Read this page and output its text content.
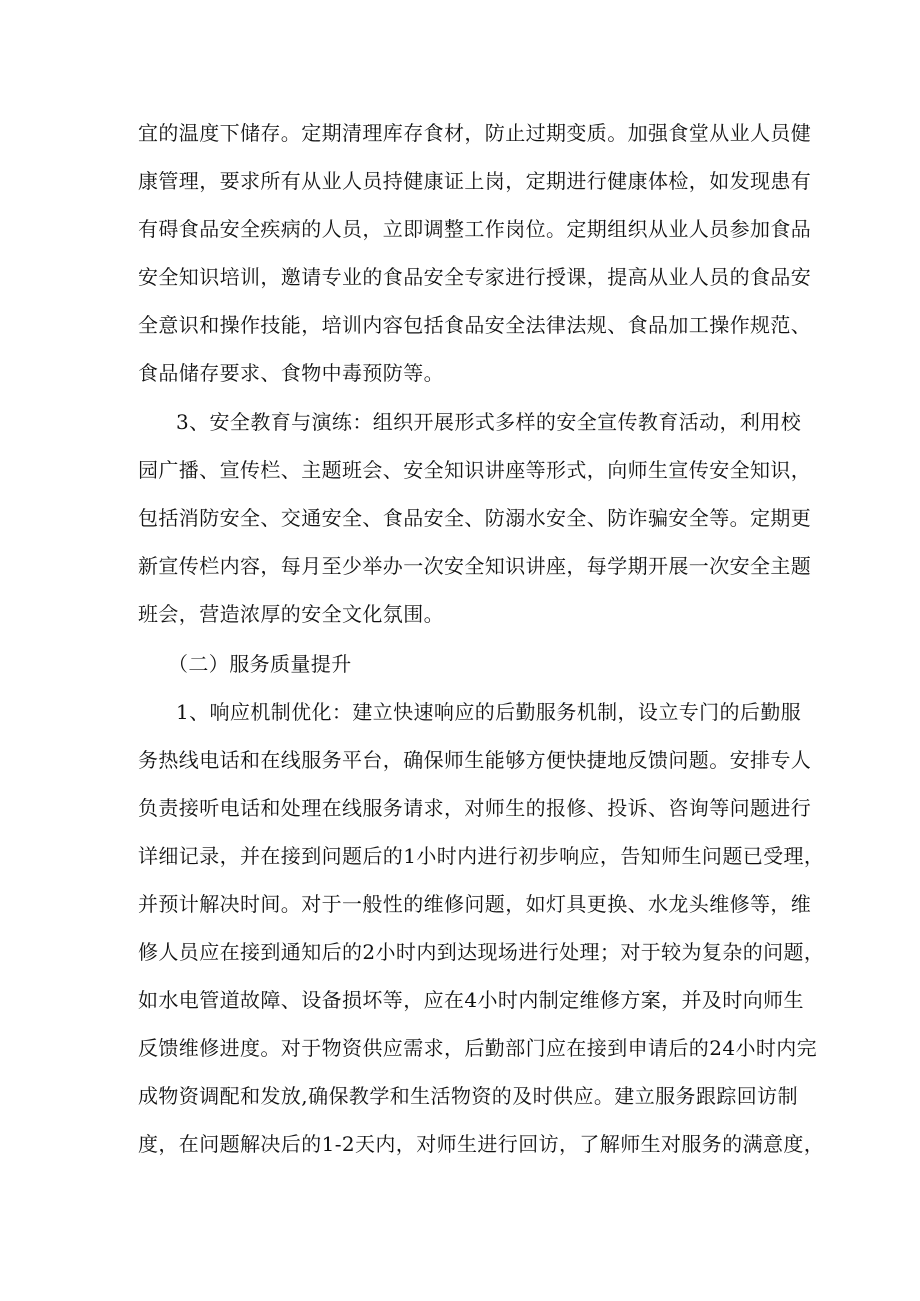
宜的温度下储存。定期清理库存食材，防止过期变质。加强食堂从业人员健
康管理，要求所有从业人员持健康证上岗，定期进行健康体检，如发现患有
有碍食品安全疾病的人员，立即调整工作岗位。定期组织从业人员参加食品
安全知识培训，邀请专业的食品安全专家进行授课，提高从业人员的食品安
全意识和操作技能，培训内容包括食品安全法律法规、食品加工操作规范、
食品储存要求、食物中毒预防等。
3、安全教育与演练：组织开展形式多样的安全宣传教育活动，利用校
园广播、宣传栏、主题班会、安全知识讲座等形式，向师生宣传安全知识，
包括消防安全、交通安全、食品安全、防溺水安全、防诈骗安全等。定期更
新宣传栏内容，每月至少举办一次安全知识讲座，每学期开展一次安全主题
班会，营造浓厚的安全文化氛围。
（二）服务质量提升
1、响应机制优化：建立快速响应的后勤服务机制，设立专门的后勤服
务热线电话和在线服务平台，确保师生能够方便快捷地反馈问题。安排专人
负责接听电话和处理在线服务请求，对师生的报修、投诉、咨询等问题进行
详细记录，并在接到问题后的1小时内进行初步响应，告知师生问题已受理，
并预计解决时间。对于一般性的维修问题，如灯具更换、水龙头维修等，维
修人员应在接到通知后的2小时内到达现场进行处理；对于较为复杂的问题，
如水电管道故障、设备损坏等，应在4小时内制定维修方案，并及时向师生
反馈维修进度。对于物资供应需求，后勤部门应在接到申请后的24小时内完
成物资调配和发放,确保教学和生活物资的及时供应。建立服务跟踪回访制
度，在问题解决后的1-2天内，对师生进行回访，了解师生对服务的满意度，
